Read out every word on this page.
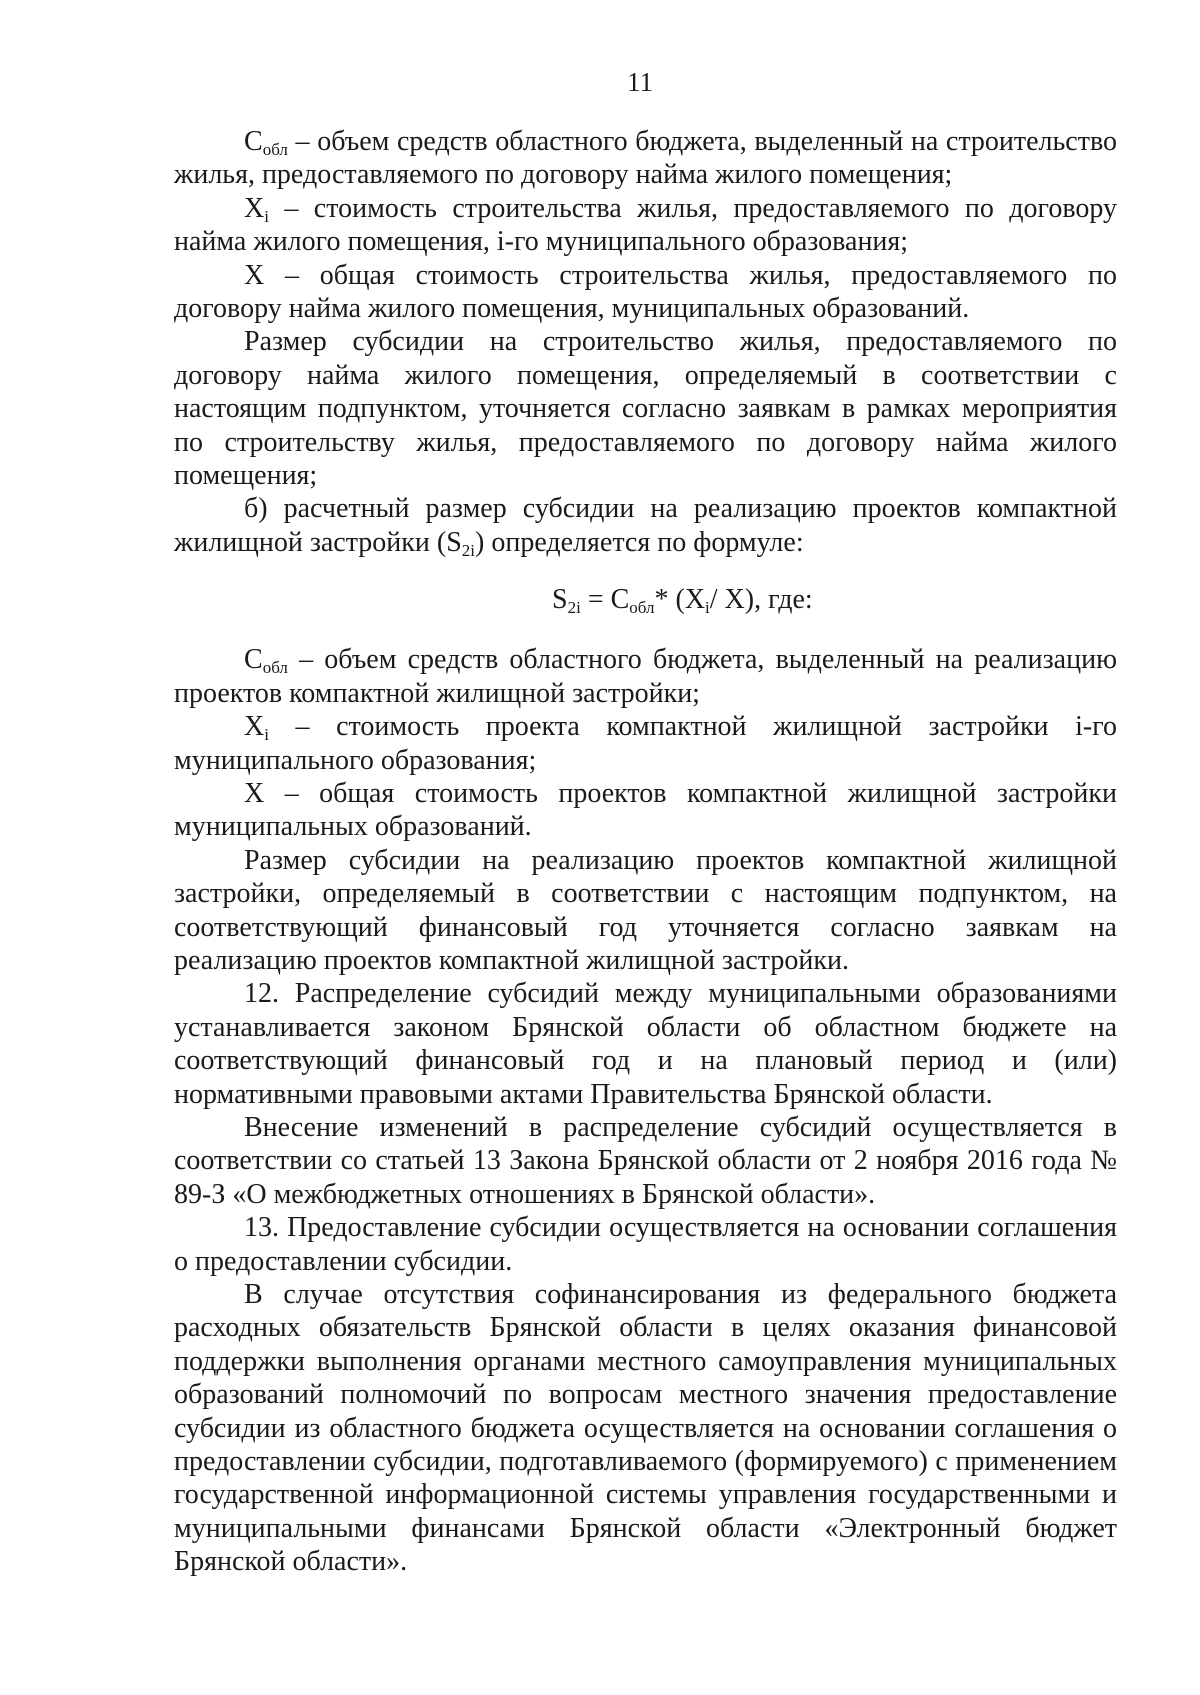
11

$C_{обл}$ – объем средств областного бюджета, выделенный на строительство жилья, предоставляемого по договору найма жилого помещения;

$X_i$ – стоимость строительства жилья, предоставляемого по договору найма жилого помещения, i-го муниципального образования;

X – общая стоимость строительства жилья, предоставляемого по договору найма жилого помещения, муниципальных образований.

Размер субсидии на строительство жилья, предоставляемого по договору найма жилого помещения, определяемый в соответствии с настоящим подпунктом, уточняется согласно заявкам в рамках мероприятия по строительству жилья, предоставляемого по договору найма жилого помещения;

б) расчетный размер субсидии на реализацию проектов компактной жилищной застройки $(S_{2i})$ определяется по формуле:

$S_{2i} = C_{обл}*$ ($X_i/$ X), где:

$C_{обл}$ – объем средств областного бюджета, выделенный на реализацию проектов компактной жилищной застройки;

$X_i$ – стоимость проекта компактной жилищной застройки i-го муниципального образования;

X – общая стоимость проектов компактной жилищной застройки муниципальных образований.

Размер субсидии на реализацию проектов компактной жилищной застройки, определяемый в соответствии с настоящим подпунктом, на соответствующий финансовый год уточняется согласно заявкам на реализацию проектов компактной жилищной застройки.

12. Распределение субсидий между муниципальными образованиями устанавливается законом Брянской области об областном бюджете на соответствующий финансовый год и на плановый период и (или) нормативными правовыми актами Правительства Брянской области.

Внесение изменений в распределение субсидий осуществляется в соответствии со статьей 13 Закона Брянской области от 2 ноября 2016 года № 89-З «О межбюджетных отношениях в Брянской области».

13. Предоставление субсидии осуществляется на основании соглашения о предоставлении субсидии.

В случае отсутствия софинансирования из федерального бюджета расходных обязательств Брянской области в целях оказания финансовой поддержки выполнения органами местного самоуправления муниципальных образований полномочий по вопросам местного значения предоставление субсидии из областного бюджета осуществляется на основании соглашения о предоставлении субсидии, подготавливаемого (формируемого) с применением государственной информационной системы управления государственными и муниципальными финансами Брянской области «Электронный бюджет Брянской области».
